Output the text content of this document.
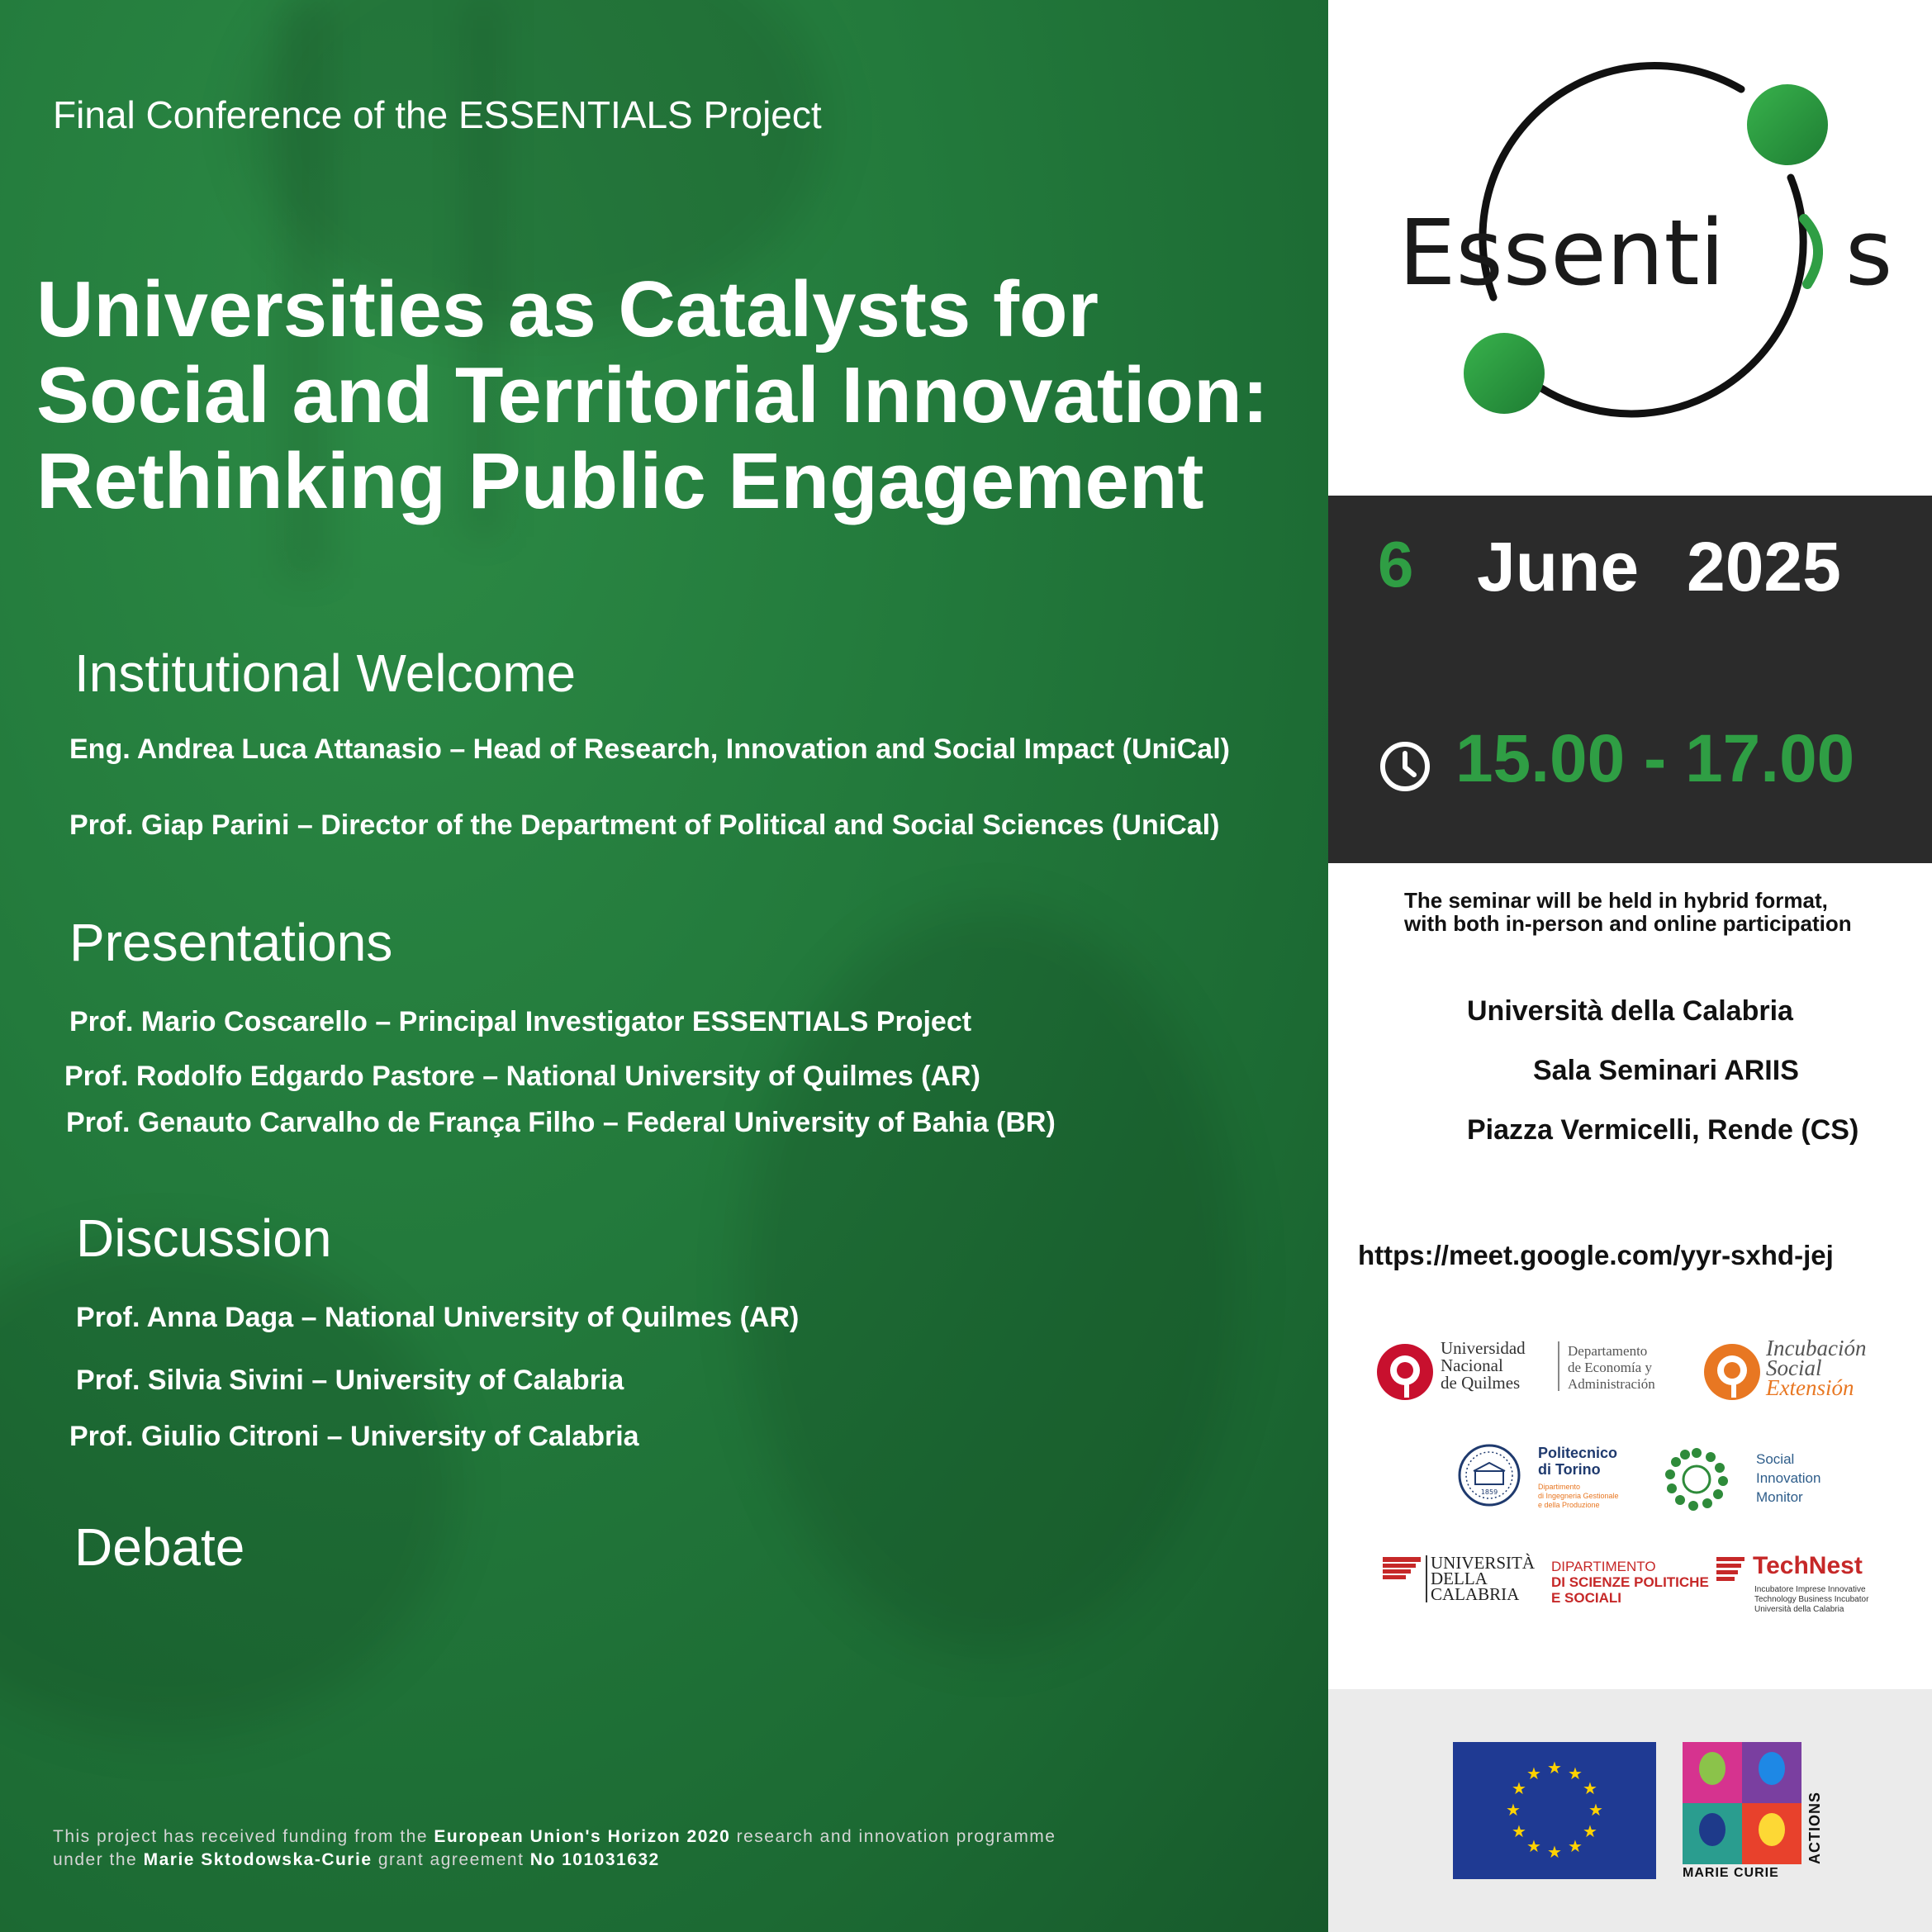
Final Conference of the ESSENTIALS Project
Universities as Catalysts for
Social and Territorial Innovation:
Rethinking Public Engagement
Institutional Welcome
Eng. Andrea Luca Attanasio – Head of Research, Innovation and Social Impact (UniCal)
Prof. Giap Parini – Director of the Department of Political and Social Sciences (UniCal)
Presentations
Prof. Mario Coscarello – Principal Investigator ESSENTIALS Project
Prof. Rodolfo Edgardo Pastore – National University of Quilmes (AR)
Prof. Genauto Carvalho de França Filho – Federal University of Bahia (BR)
Discussion
Prof. Anna Daga – National University of Quilmes (AR)
Prof. Silvia Sivini – University of Calabria
Prof. Giulio Citroni – University of Calabria
Debate
This project has received funding from the European Union's Horizon 2020 research and innovation programme
under the Marie Sktodowska-Curie grant agreement No 101031632
Essenti s
6 June 2025
15.00 - 17.00
The seminar will be held in hybrid format,
with both in-person and online participation
Università della Calabria
Sala Seminari ARIIS
Piazza Vermicelli, Rende (CS)
https://meet.google.com/yyr-sxhd-jej
Universidad
Nacional
de Quilmes
Departamento
de Economía y
Administración
Incubación
Social
Extensión
1859
Politecnico
di Torino
Dipartimento
di Ingegneria Gestionale
e della Produzione
Social
Innovation
Monitor
UNIVERSITÀ
DELLA
CALABRIA
DIPARTIMENTO
DI SCIENZE POLITICHE
E SOCIALI
TechNest
Incubatore Imprese Innovative
Technology Business Incubator
Università della Calabria
★ ★
★
★
★
★
★
★
★
★
★
★
ACTIONS
MARIE CURIE
